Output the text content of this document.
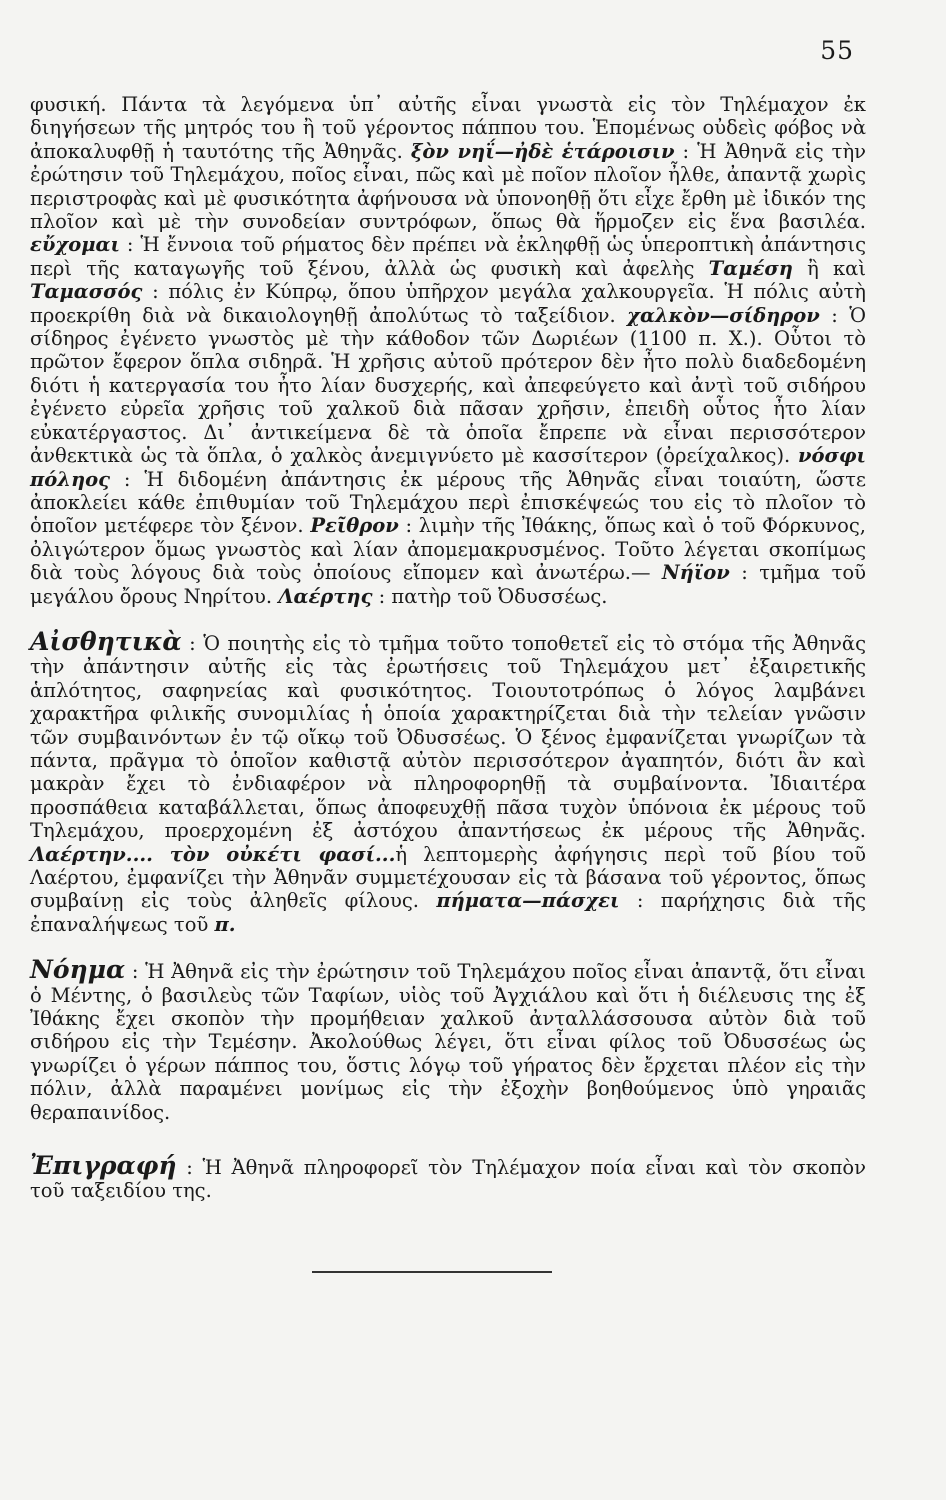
55

φυσική. Πάντα τὰ λεγόμενα ὑπ᾽ αὐτῆς εἶναι γνωστὰ εἰς τὸν Τηλέμαχον ἐκ διηγήσεων τῆς μητρός του ἢ τοῦ γέροντος πάππου του. Ἑπομένως οὐδεὶς φόβος νὰ ἀποκαλυφθῇ ἡ ταυτότης τῆς Ἀθηνᾶς. ξὸν νηΐ—ἠδὲ ἑτάροισιν : Ἡ Ἀθηνᾶ εἰς τὴν ἐρώτησιν τοῦ Τηλεμάχου, ποῖος εἶναι, πῶς καὶ μὲ ποῖον πλοῖον ἦλθε, ἀπαντᾷ χωρὶς περιστροφὰς καὶ μὲ φυσικότητα ἀφήνουσα νὰ ὑπονοηθῇ ὅτι εἶχε ἔρθη μὲ ἰδικόν της πλοῖον καὶ μὲ τὴν συνοδείαν συντρόφων, ὅπως θὰ ἥρμοζεν εἰς ἕνα βασιλέα. εὔχομαι : Ἡ ἔννοια τοῦ ρήματος δὲν πρέπει νὰ ἐκληφθῇ ὡς ὑπεροπτικὴ ἀπάντησις περὶ τῆς καταγωγῆς τοῦ ξένου, ἀλλὰ ὡς φυσικὴ καὶ ἀφελὴς Ταμέση ἢ καὶ Ταμασσός : πόλις ἐν Κύπρῳ, ὅπου ὑπῆρχον μεγάλα χαλκουργεῖα. Ἡ πόλις αὐτὴ προεκρίθη διὰ νὰ δικαιολογηθῇ ἀπολύτως τὸ ταξείδιον. χαλκὸν—σίδηρον : Ὁ σίδηρος ἐγένετο γνωστὸς μὲ τὴν κάθοδον τῶν Δωριέων (1100 π. Χ.). Οὗτοι τὸ πρῶτον ἔφερον ὅπλα σιδηρᾶ. Ἡ χρῆσις αὐτοῦ πρότερον δὲν ἦτο πολὺ διαδεδομένη διότι ἡ κατεργασία του ἦτο λίαν δυσχερής, καὶ ἀπεφεύγετο καὶ ἀντὶ τοῦ σιδήρου ἐγένετο εὐρεῖα χρῆσις τοῦ χαλκοῦ διὰ πᾶσαν χρῆσιν, ἐπειδὴ οὗτος ἦτο λίαν εὐκατέργαστος. Δι᾽ ἀντικείμενα δὲ τὰ ὁποῖα ἔπρεπε νὰ εἶναι περισσότερον ἀνθεκτικὰ ὡς τὰ ὅπλα, ὁ χαλκὸς ἀνεμιγνύετο μὲ κασσίτερον (ὀρείχαλκος). νόσφι πόληος : Ἡ διδομένη ἀπάντησις ἐκ μέρους τῆς Ἀθηνᾶς εἶναι τοιαύτη, ὥστε ἀποκλείει κάθε ἐπιθυμίαν τοῦ Τηλεμάχου περὶ ἐπισκέψεώς του εἰς τὸ πλοῖον τὸ ὁποῖον μετέφερε τὸν ξένον. Ρεῖθρον : λιμὴν τῆς Ἰθάκης, ὅπως καὶ ὁ τοῦ Φόρκυνος, ὀλιγώτερον ὅμως γνωστὸς καὶ λίαν ἀπομεμακρυσμένος. Τοῦτο λέγεται σκοπίμως διὰ τοὺς λόγους διὰ τοὺς ὁποίους εἴπομεν καὶ ἀνωτέρω.— Νήϊον : τμῆμα τοῦ μεγάλου ὄρους Νηρίτου. Λαέρτης : πατὴρ τοῦ Ὀδυσσέως.

Αἰσθητικὰ : Ὁ ποιητὴς εἰς τὸ τμῆμα τοῦτο τοποθετεῖ εἰς τὸ στόμα τῆς Ἀθηνᾶς τὴν ἀπάντησιν αὐτῆς εἰς τὰς ἐρωτήσεις τοῦ Τηλεμάχου μετ᾽ ἐξαιρετικῆς ἁπλότητος, σαφηνείας καὶ φυσικότητος. Τοιουτοτρόπως ὁ λόγος λαμβάνει χαρακτῆρα φιλικῆς συνομιλίας ἡ ὁποία χαρακτηρίζεται διὰ τὴν τελείαν γνῶσιν τῶν συμβαινόντων ἐν τῷ οἴκῳ τοῦ Ὀδυσσέως. Ὁ ξένος ἐμφανίζεται γνωρίζων τὰ πάντα, πρᾶγμα τὸ ὁποῖον καθιστᾷ αὐτὸν περισσότερον ἀγαπητόν, διότι ἂν καὶ μακρὰν ἔχει τὸ ἐνδιαφέρον νὰ πληροφορηθῇ τὰ συμβαίνοντα. Ἰδιαιτέρα προσπάθεια καταβάλλεται, ὅπως ἀποφευχθῇ πᾶσα τυχὸν ὑπόνοια ἐκ μέρους τοῦ Τηλεμάχου, προερχομένη ἐξ ἀστόχου ἀπαντήσεως ἐκ μέρους τῆς Ἀθηνᾶς. Λαέρτην.... τὸν οὐκέτι φασί...ἡ λεπτομερὴς ἀφήγησις περὶ τοῦ βίου τοῦ Λαέρτου, ἐμφανίζει τὴν Ἀθηνᾶν συμμετέχουσαν εἰς τὰ βάσανα τοῦ γέροντος, ὅπως συμβαίνῃ εἰς τοὺς ἀληθεῖς φίλους. πήματα—πάσχει : παρήχησις διὰ τῆς ἐπαναλήψεως τοῦ π.

Νόημα : Ἡ Ἀθηνᾶ εἰς τὴν ἐρώτησιν τοῦ Τηλεμάχου ποῖος εἶναι ἀπαντᾷ, ὅτι εἶναι ὁ Μέντης, ὁ βασιλεὺς τῶν Ταφίων, υἱὸς τοῦ Ἀγχιάλου καὶ ὅτι ἡ διέλευσις της ἐξ Ἰθάκης ἔχει σκοπὸν τὴν προμήθειαν χαλκοῦ ἀνταλλάσσουσα αὐτὸν διὰ τοῦ σιδήρου εἰς τὴν Τεμέσην. Ἀκολούθως λέγει, ὅτι εἶναι φίλος τοῦ Ὀδυσσέως ὡς γνωρίζει ὁ γέρων πάππος του, ὅστις λόγῳ τοῦ γήρατος δὲν ἔρχεται πλέον εἰς τὴν πόλιν, ἀλλὰ παραμένει μονίμως εἰς τὴν ἐξοχὴν βοηθούμενος ὑπὸ γηραιᾶς θεραπαινίδος.

Ἐπιγραφή : Ἡ Ἀθηνᾶ πληροφορεῖ τὸν Τηλέμαχον ποία εἶναι καὶ τὸν σκοπὸν τοῦ ταξειδίου της.
